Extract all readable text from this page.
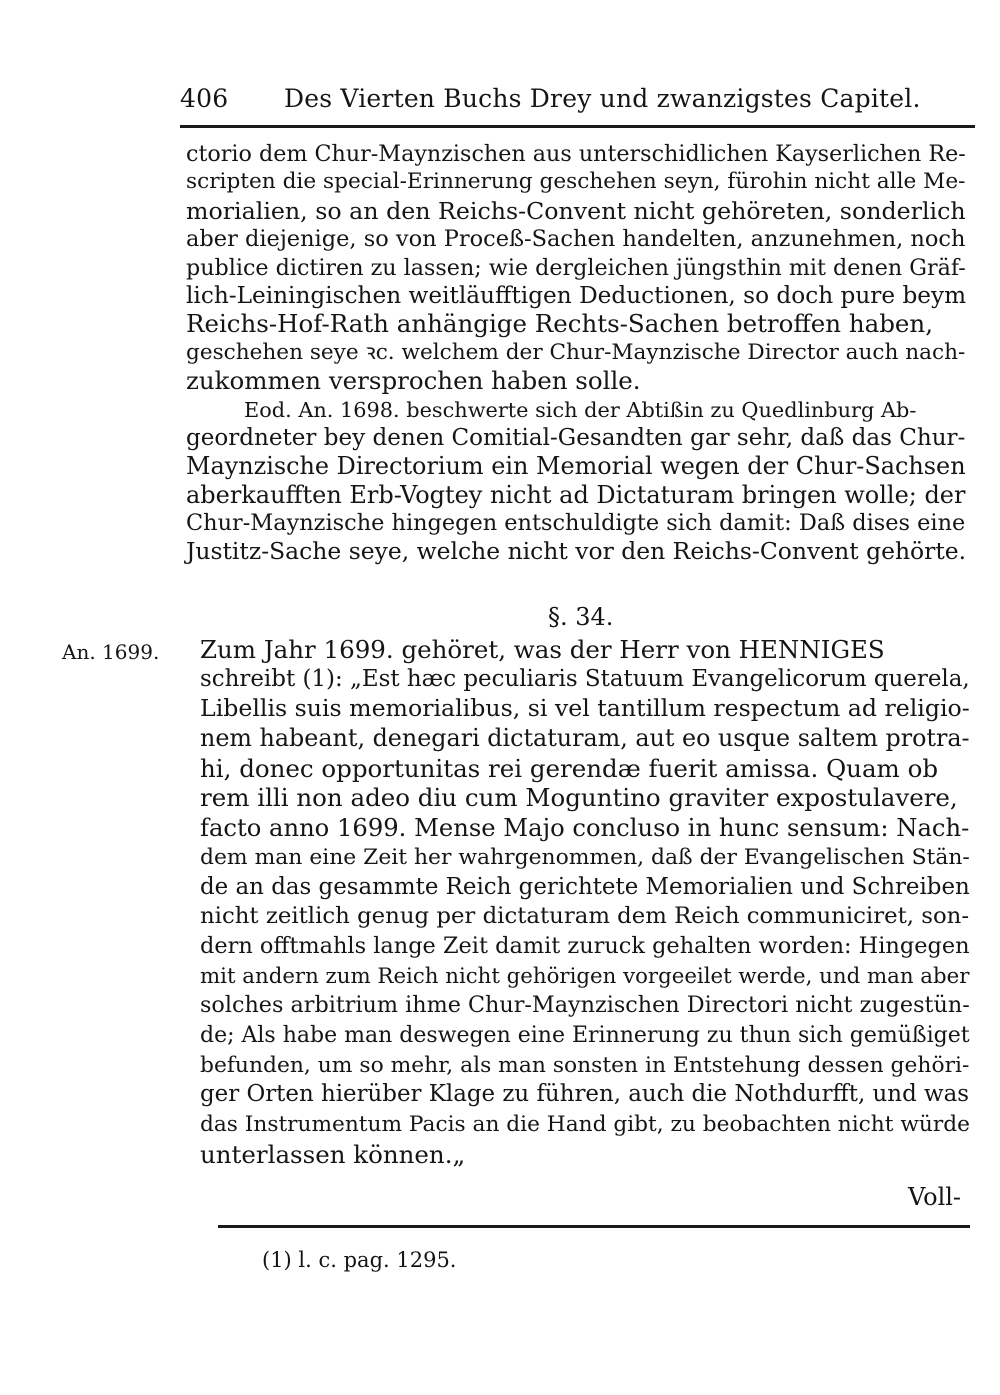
406 Des Vierten Buchs Drey und zwanzigstes Capitel.
ctorio dem Chur-Maynzischen aus unterschidlichen Kayserlichen Re-
scripten die special-Erinnerung geschehen seyn, fürohin nicht alle Me-
morialien, so an den Reichs-Convent nicht gehöreten, sonderlich
aber diejenige, so von Proceß-Sachen handelten, anzunehmen, noch
publice dictiren zu lassen; wie dergleichen jüngsthin mit denen Gräf-
lich-Leiningischen weitläufftigen Deductionen, so doch pure beym
Reichs-Hof-Rath anhängige Rechts-Sachen betroffen haben,
geschehen seye ꝛc. welchem der Chur-Maynzische Director auch nach-
zukommen versprochen haben solle.
Eod. An. 1698. beschwerte sich der Abtißin zu Quedlinburg Ab-
geordneter bey denen Comitial-Gesandten gar sehr, daß das Chur-
Maynzische Directorium ein Memorial wegen der Chur-Sachsen
aberkaufften Erb-Vogtey nicht ad Dictaturam bringen wolle; der
Chur-Maynzische hingegen entschuldigte sich damit: Daß dises eine
Justitz-Sache seye, welche nicht vor den Reichs-Convent gehörte.
§. 34.
An. 1699. Zum Jahr 1699. gehöret, was der Herr von HENNIGES
schreibt (1): „Est hæc peculiaris Statuum Evangelicorum querela,
Libellis suis memorialibus, si vel tantillum respectum ad religio-
nem habeant, denegari dictaturam, aut eo usque saltem protra-
hi, donec opportunitas rei gerendæ fuerit amissa. Quam ob
rem illi non adeo diu cum Moguntino graviter expostulavere,
facto anno 1699. Mense Majo concluso in hunc sensum: Nach-
dem man eine Zeit her wahrgenommen, daß der Evangelischen Stän-
de an das gesammte Reich gerichtete Memorialien und Schreiben
nicht zeitlich genug per dictaturam dem Reich communiciret, son-
dern offtmahls lange Zeit damit zuruck gehalten worden: Hingegen
mit andern zum Reich nicht gehörigen vorgeeilet werde, und man aber
solches arbitrium ihme Chur-Maynzischen Directori nicht zugestün-
de; Als habe man deswegen eine Erinnerung zu thun sich gemüßiget
befunden, um so mehr, als man sonsten in Entstehung dessen gehöri-
ger Orten hierüber Klage zu führen, auch die Nothdurfft, und was
das Instrumentum Pacis an die Hand gibt, zu beobachten nicht würde
unterlassen können.„
Voll-
(1) l. c. pag. 1295.
